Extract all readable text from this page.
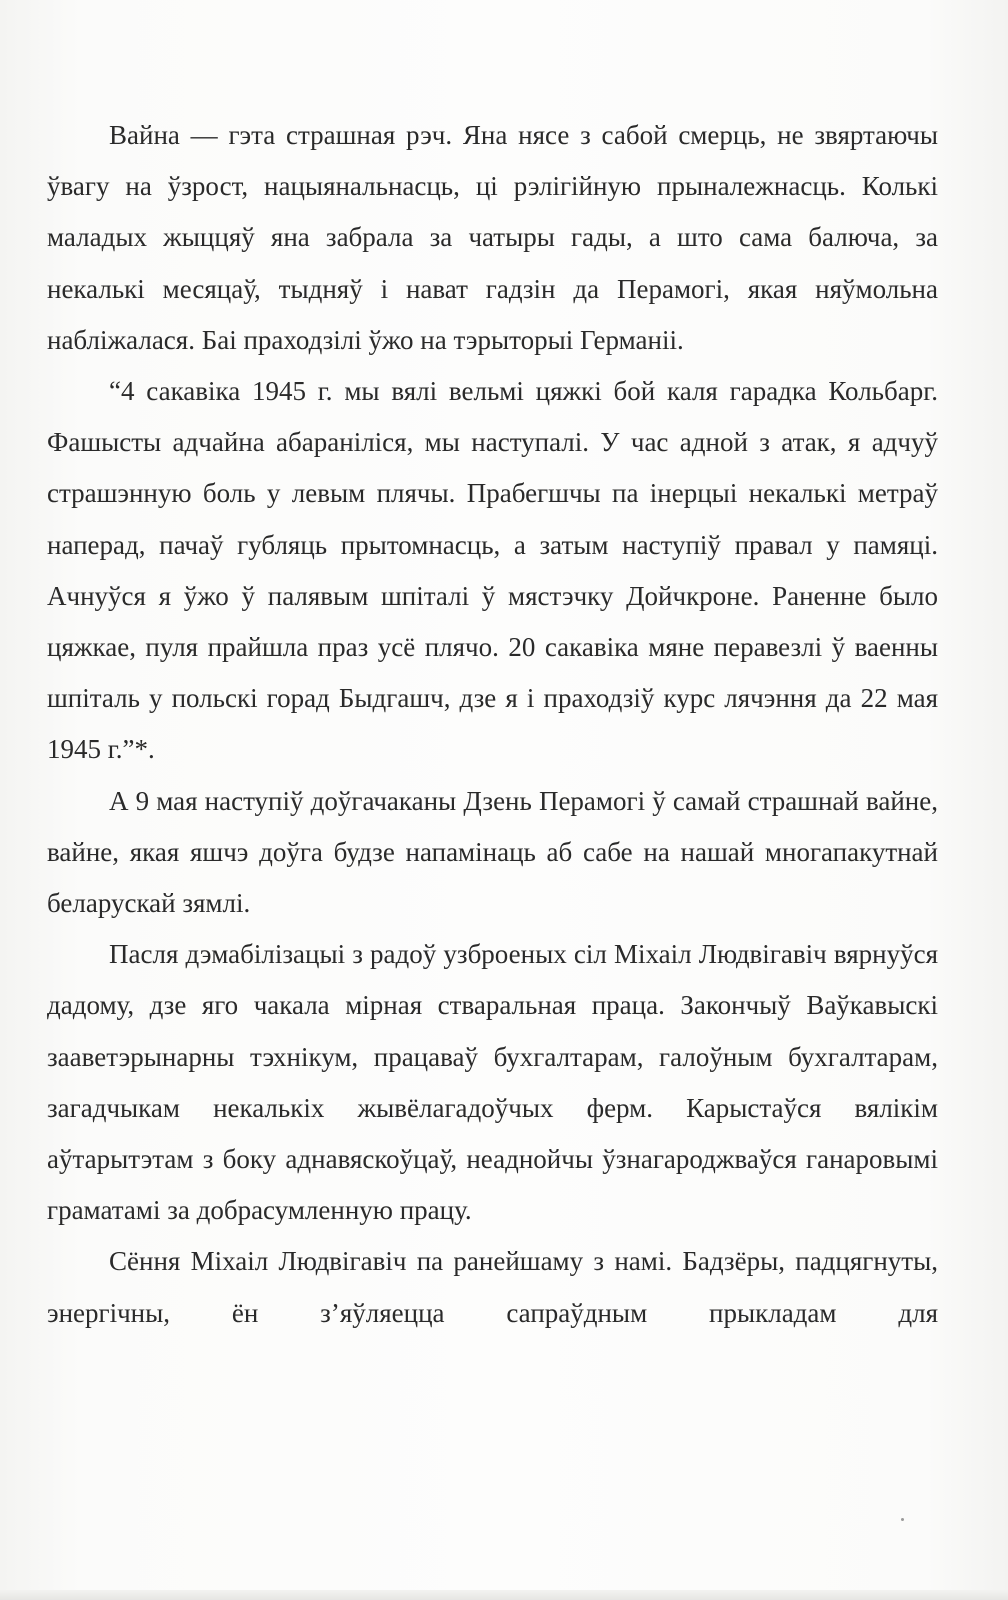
Вайна — гэта страшная рэч. Яна нясе з сабой смерць, не звяртаючы ўвагу на ўзрост, нацыянальнасць, ці рэлігійную прыналежнасць. Колькі маладых жыццяў яна забрала за чатыры гады, а што сама балюча, за некалькі месяцаў, тыдняў і нават гадзін да Перамогі, якая няўмольна набліжалася. Баі праходзілі ўжо на тэрыторыі Германіі.

“4 сакавіка 1945 г. мы вялі вельмі цяжкі бой каля гарадка Кольбарг. Фашысты адчайна абараніліся, мы наступалі. У час адной з атак, я адчуў страшэнную боль у левым плячы. Прабегшчы па інерцыі некалькі метраў наперад, пачаў губляць прытомнасць, а затым наступіў правал у памяці. Ачнуўся я ўжо ў палявым шпіталі ў мястэчку Дойчкроне. Раненне было цяжкае, пуля прайшла праз усё плячо. 20 сакавіка мяне перавезлі ў ваенны шпіталь у польскі горад Быдгашч, дзе я і праходзіў курс лячэння да 22 мая 1945 г.”*.

А 9 мая наступіў доўгачаканы Дзень Перамогі ў самай страшнай вайне, вайне, якая яшчэ доўга будзе напамінаць аб сабе на нашай многапакутнай беларускай зямлі.

Пасля дэмабілізацыі з радоў узброеных сіл Міхаіл Людвігавіч вярнуўся дадому, дзе яго чакала мірная стваральная праца. Закончыў Ваўкавыскі зааветэрынарны тэхнікум, працаваў бухгалтарам, галоўным бухгалтарам, загадчыкам некалькіх жывёлагадоўчых ферм. Карыстаўся вялікім аўтарытэтам з боку аднавяскоўцаў, неаднойчы ўзнагароджваўся ганаровымі граматамі за добрасумленную працу.

Сёння Міхаіл Людвігавіч па ранейшаму з намі. Бадзёры, падцягнуты, энергічны, ён з’яўляецца сапраўдным прыкладам для
